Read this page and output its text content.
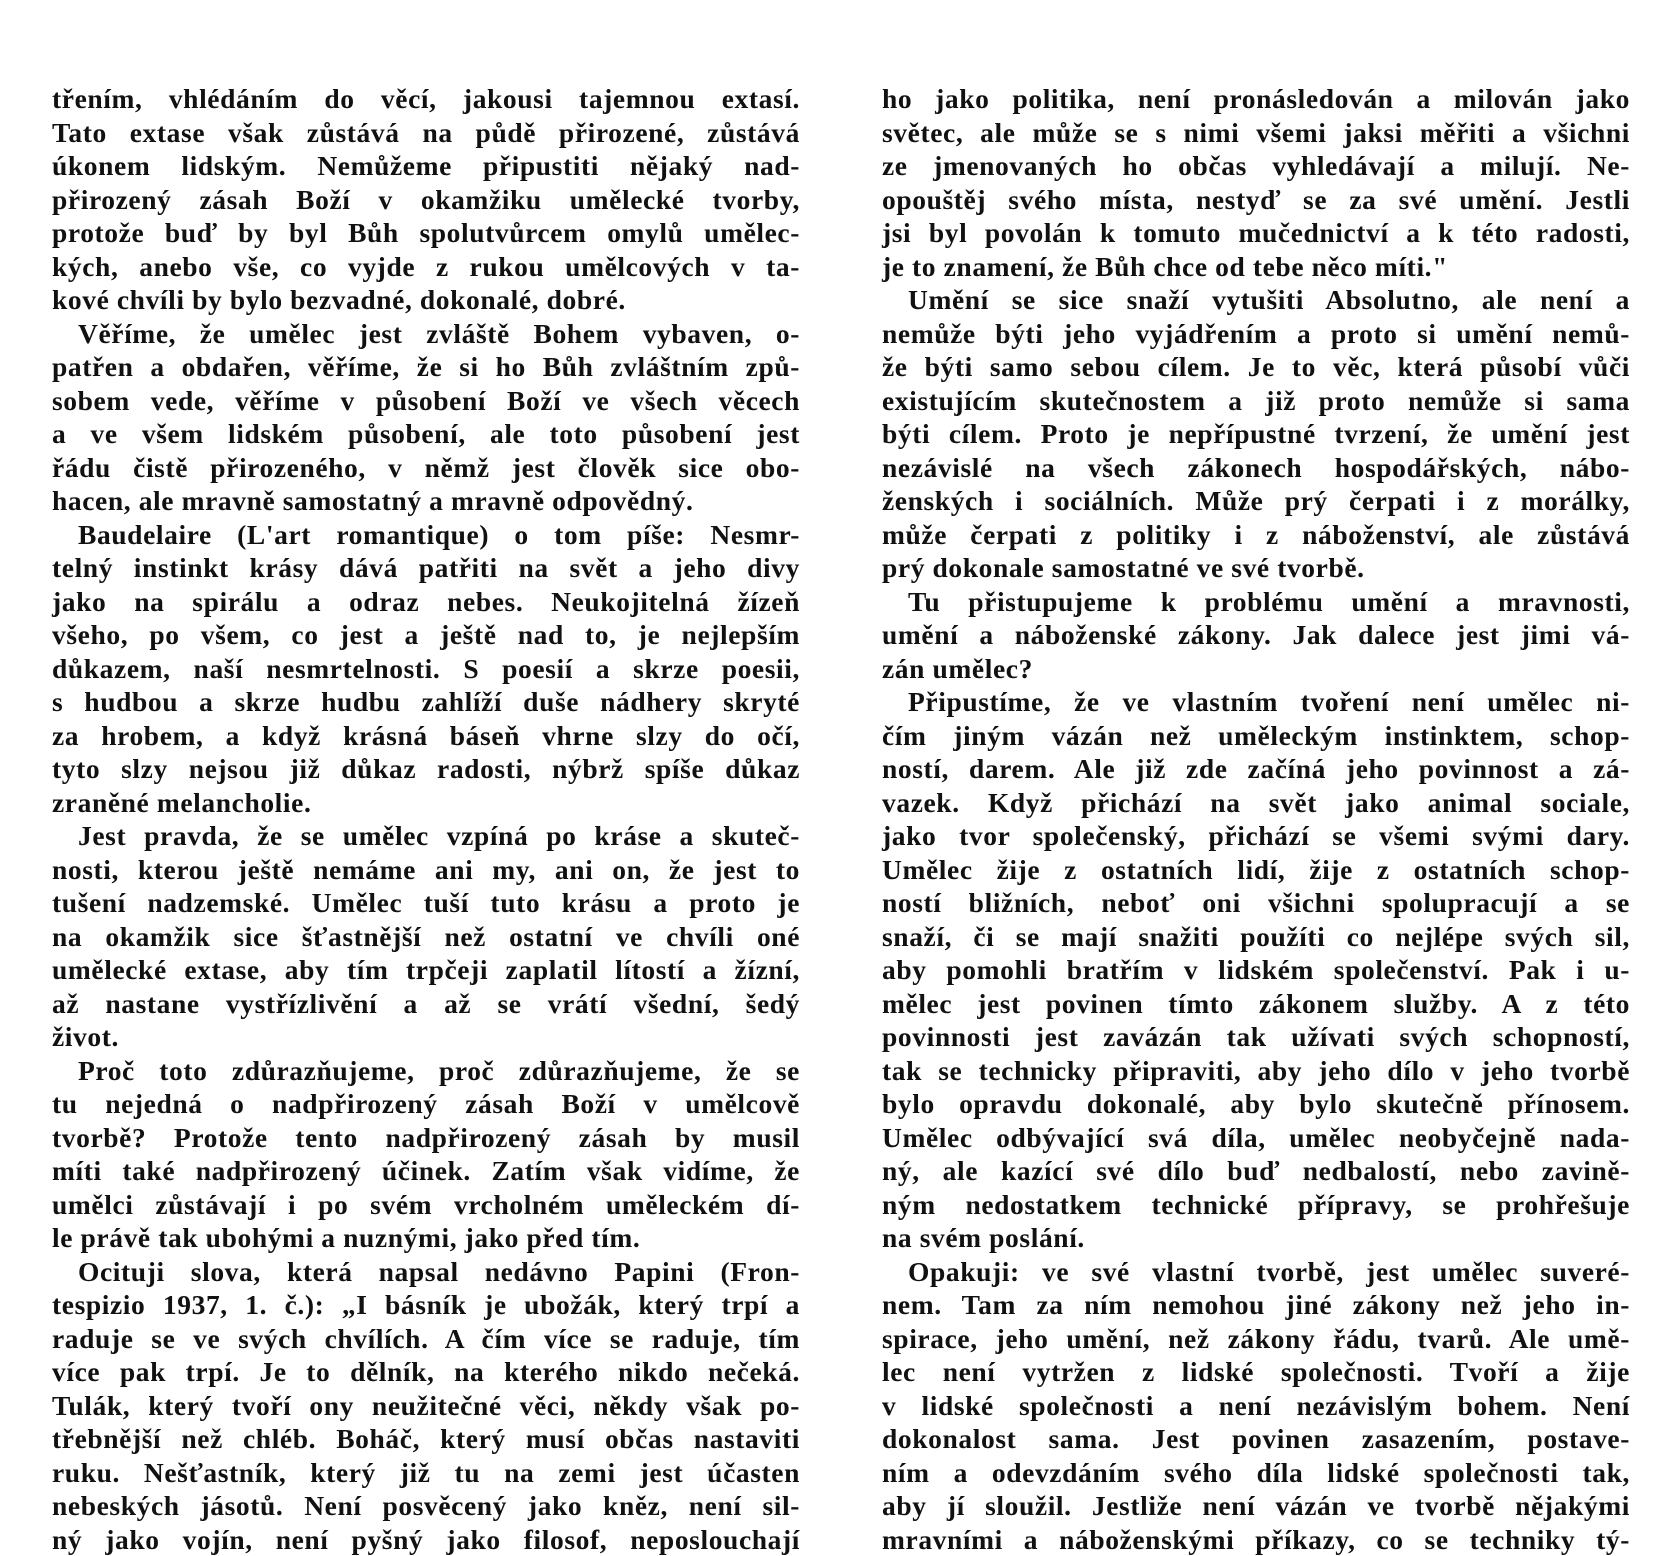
třením, vhlédáním do věcí, jakousi tajemnou extasí.
Tato extase však zůstává na půdě přirozené, zůstává
úkonem lidským. Nemůžeme připustiti nějaký nad-
přirozený zásah Boží v okamžiku umělecké tvorby,
protože buď by byl Bůh spolutvůrcem omylů umělec-
kých, anebo vše, co vyjde z rukou umělcových v ta-
kové chvíli by bylo bezvadné, dokonalé, dobré.
Věříme, že umělec jest zvláště Bohem vybaven, o-
patřen a obdařen, věříme, že si ho Bůh zvláštním způ-
sobem vede, věříme v působení Boží ve všech věcech
a ve všem lidském působení, ale toto působení jest
řádu čistě přirozeného, v němž jest člověk sice obo-
hacen, ale mravně samostatný a mravně odpovědný.
Baudelaire (L'art romantique) o tom píše: Nesmr-
telný instinkt krásy dává patřiti na svět a jeho divy
jako na spirálu a odraz nebes. Neukojitelná žízeň
všeho, po všem, co jest a ještě nad to, je nejlepším
důkazem, naší nesmrtelnosti. S poesií a skrze poesii,
s hudbou a skrze hudbu zahlíží duše nádhery skryté
za hrobem, a když krásná báseň vhrne slzy do očí,
tyto slzy nejsou již důkaz radosti, nýbrž spíše důkaz
zraněné melancholie.
Jest pravda, že se umělec vzpíná po kráse a skuteč-
nosti, kterou ještě nemáme ani my, ani on, že jest to
tušení nadzemské. Umělec tuší tuto krásu a proto je
na okamžik sice šťastnější než ostatní ve chvíli oné
umělecké extase, aby tím trpčeji zaplatil lítostí a žízní,
až nastane vystřízlivění a až se vrátí všední, šedý
život.
Proč toto zdůrazňujeme, proč zdůrazňujeme, že se
tu nejedná o nadpřirozený zásah Boží v umělcově
tvorbě? Protože tento nadpřirozený zásah by musil
míti také nadpřirozený účinek. Zatím však vidíme, že
umělci zůstávají i po svém vrcholném uměleckém dí-
le právě tak ubohými a nuznými, jako před tím.
Ocituji slova, která napsal nedávno Papini (Fron-
tespizio 1937, 1. č.): „I básník je ubožák, který trpí a
raduje se ve svých chvílích. A čím více se raduje, tím
více pak trpí. Je to dělník, na kterého nikdo nečeká.
Tulák, který tvoří ony neužitečné věci, někdy však po-
třebnější než chléb. Boháč, který musí občas nastaviti
ruku. Nešťastník, který již tu na zemi jest účasten
nebeských jásotů. Není posvěcený jako kněz, není sil-
ný jako vojín, není pyšný jako filosof, neposlouchají
ho jako politika, není pronásledován a milován jako
světec, ale může se s nimi všemi jaksi měřiti a všichni
ze jmenovaných ho občas vyhledávají a milují. Ne-
opouštěj svého místa, nestyď se za své umění. Jestli
jsi byl povolán k tomuto mučednictví a k této radosti,
je to znamení, že Bůh chce od tebe něco míti."
Umění se sice snaží vytušiti Absolutno, ale není a
nemůže býti jeho vyjádřením a proto si umění nemů-
že býti samo sebou cílem. Je to věc, která působí vůči
existujícím skutečnostem a již proto nemůže si sama
býti cílem. Proto je nepřípustné tvrzení, že umění jest
nezávislé na všech zákonech hospodářských, nábo-
ženských i sociálních. Může prý čerpati i z morálky,
může čerpati z politiky i z náboženství, ale zůstává
prý dokonale samostatné ve své tvorbě.
Tu přistupujeme k problému umění a mravnosti,
umění a náboženské zákony. Jak dalece jest jimi vá-
zán umělec?
Připustíme, že ve vlastním tvoření není umělec ni-
čím jiným vázán než uměleckým instinktem, schop-
ností, darem. Ale již zde začíná jeho povinnost a zá-
vazek. Když přichází na svět jako animal sociale,
jako tvor společenský, přichází se všemi svými dary.
Umělec žije z ostatních lidí, žije z ostatních schop-
ností bližních, neboť oni všichni spolupracují a se
snaží, či se mají snažiti použíti co nejlépe svých sil,
aby pomohli bratřím v lidském společenství. Pak i u-
mělec jest povinen tímto zákonem služby. A z této
povinnosti jest zavázán tak užívati svých schopností,
tak se technicky připraviti, aby jeho dílo v jeho tvorbě
bylo opravdu dokonalé, aby bylo skutečně přínosem.
Umělec odbývající svá díla, umělec neobyčejně nada-
ný, ale kazící své dílo buď nedbalostí, nebo zavině-
ným nedostatkem technické přípravy, se prohřešuje
na svém poslání.
Opakuji: ve své vlastní tvorbě, jest umělec suveré-
nem. Tam za ním nemohou jiné zákony než jeho in-
spirace, jeho umění, než zákony řádu, tvarů. Ale umě-
lec není vytržen z lidské společnosti. Tvoří a žije
v lidské společnosti a není nezávislým bohem. Není
dokonalost sama. Jest povinen zasazením, postave-
ním a odevzdáním svého díla lidské společnosti tak,
aby jí sloužil. Jestliže není vázán ve tvorbě nějakými
mravními a náboženskými příkazy, co se techniky tý-
